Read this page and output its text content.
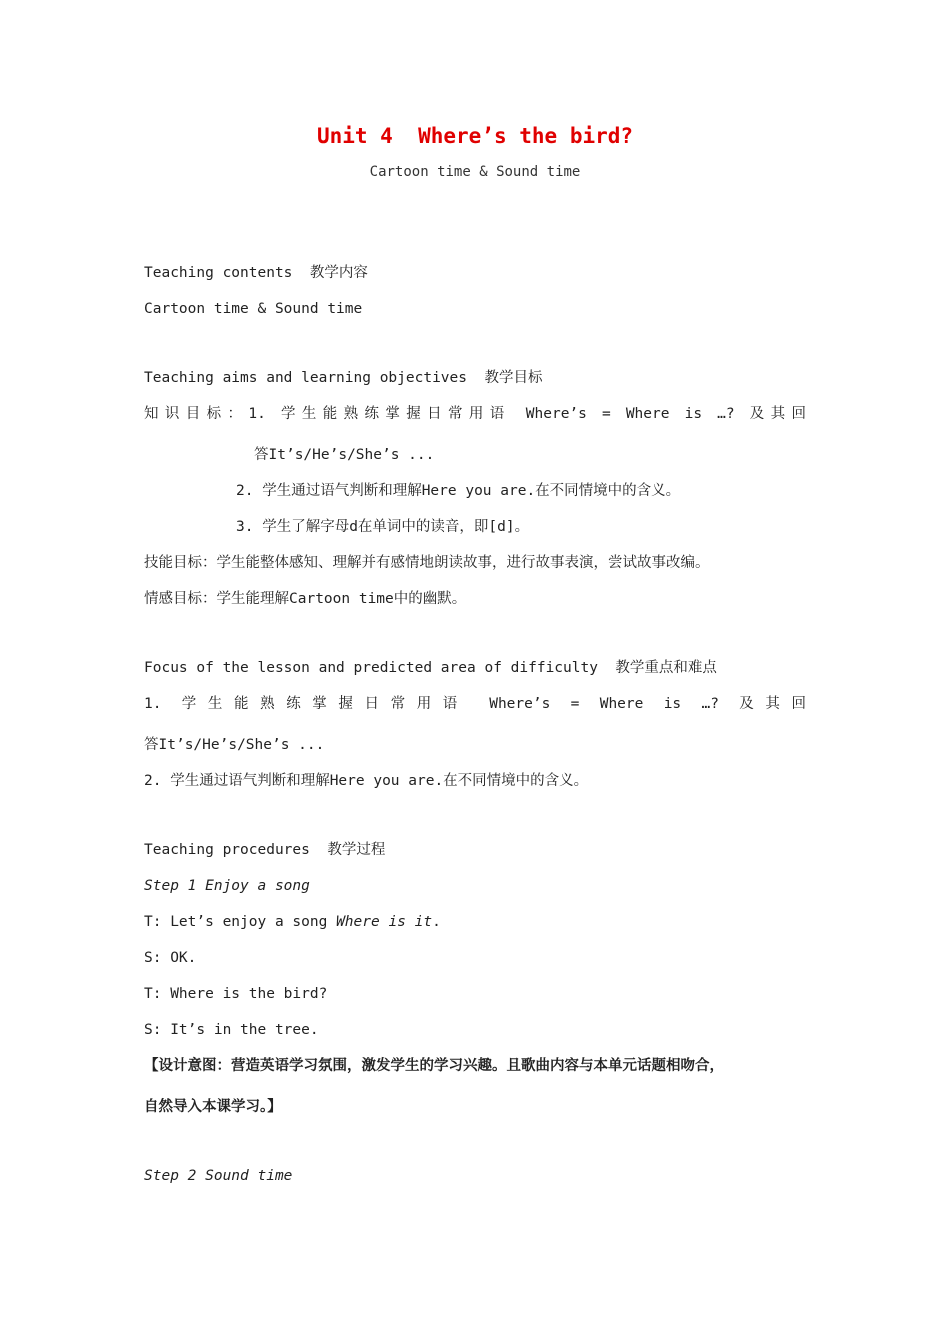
Unit 4  Where’s the bird?
Cartoon time & Sound time
Teaching contents  教学内容
Cartoon time & Sound time
Teaching aims and learning objectives  教学目标
知识目标：1. 学生能熟练掌握日常用语 Where’s = Where is …? 及其回
答It’s/He’s/She’s ...
2. 学生通过语气判断和理解Here you are.在不同情境中的含义。
3. 学生了解字母d在单词中的读音，即[d]。
技能目标：学生能整体感知、理解并有感情地朗读故事，进行故事表演，尝试故事改编。
情感目标：学生能理解Cartoon time中的幽默。
Focus of the lesson and predicted area of difficulty  教学重点和难点
1. 学生能熟练掌握日常用语 Where’s = Where is …? 及其回
答It’s/He’s/She’s ...
2. 学生通过语气判断和理解Here you are.在不同情境中的含义。
Teaching procedures  教学过程
Step 1 Enjoy a song
T: Let’s enjoy a song Where is it.
S: OK.
T: Where is the bird?
S: It’s in the tree.
【设计意图：营造英语学习氛围，激发学生的学习兴趣。且歌曲内容与本单元话题相吻合，
自然导入本课学习。】
Step 2 Sound time
